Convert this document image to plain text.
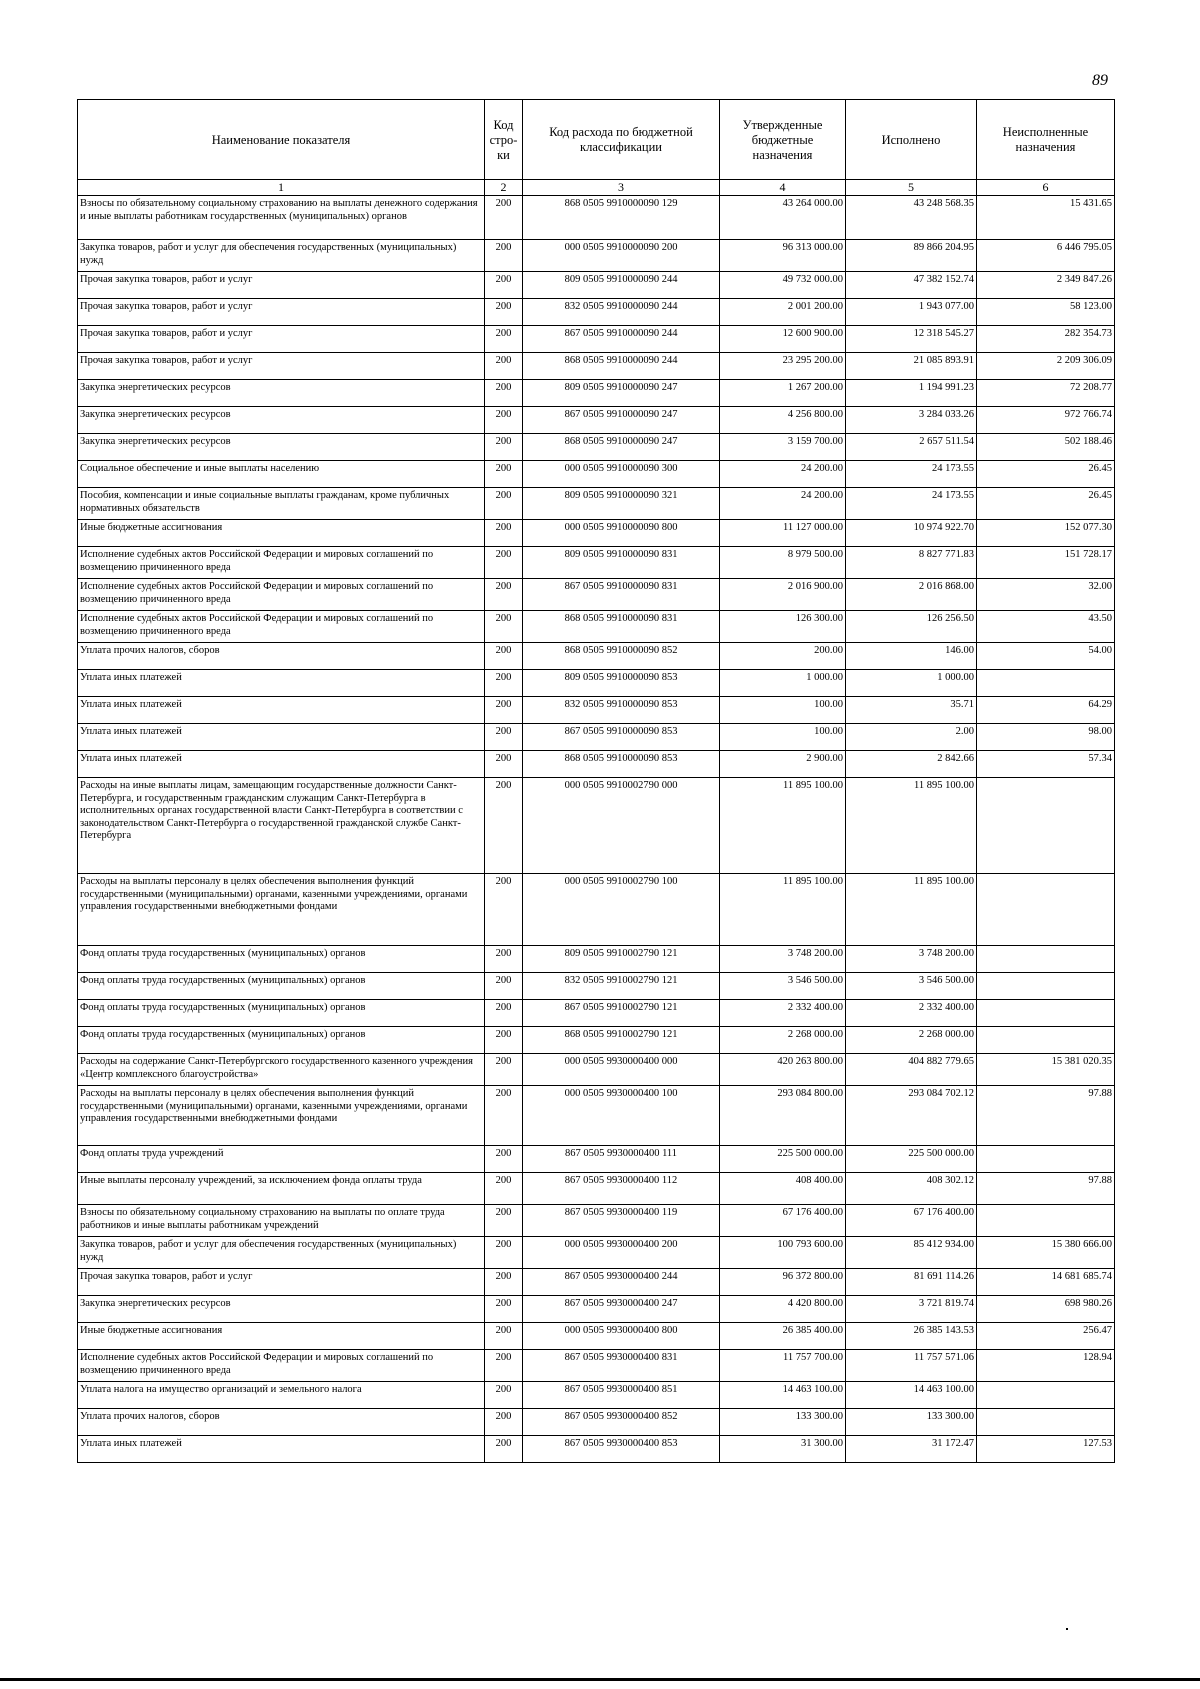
89
Наименование показателя	Код стро-ки	Код расхода по бюджетной классификации	Утвержденные бюджетные назначения	Исполнено	Неисполненные назначения
1	2	3	4	5	6
Взносы по обязательному социальному страхованию на выплаты денежного содержания и иные выплаты работникам государственных (муниципальных) органов	200	868 0505 9910000090 129	43 264 000.00	43 248 568.35	15 431.65
Закупка товаров, работ и услуг для обеспечения государственных (муниципальных) нужд	200	000 0505 9910000090 200	96 313 000.00	89 866 204.95	6 446 795.05
Прочая закупка товаров, работ и услуг	200	809 0505 9910000090 244	49 732 000.00	47 382 152.74	2 349 847.26
Прочая закупка товаров, работ и услуг	200	832 0505 9910000090 244	2 001 200.00	1 943 077.00	58 123.00
Прочая закупка товаров, работ и услуг	200	867 0505 9910000090 244	12 600 900.00	12 318 545.27	282 354.73
Прочая закупка товаров, работ и услуг	200	868 0505 9910000090 244	23 295 200.00	21 085 893.91	2 209 306.09
Закупка энергетических ресурсов	200	809 0505 9910000090 247	1 267 200.00	1 194 991.23	72 208.77
Закупка энергетических ресурсов	200	867 0505 9910000090 247	4 256 800.00	3 284 033.26	972 766.74
Закупка энергетических ресурсов	200	868 0505 9910000090 247	3 159 700.00	2 657 511.54	502 188.46
Социальное обеспечение и иные выплаты населению	200	000 0505 9910000090 300	24 200.00	24 173.55	26.45
Пособия, компенсации и иные социальные выплаты гражданам, кроме публичных нормативных обязательств	200	809 0505 9910000090 321	24 200.00	24 173.55	26.45
Иные бюджетные ассигнования	200	000 0505 9910000090 800	11 127 000.00	10 974 922.70	152 077.30
Исполнение судебных актов Российской Федерации и мировых соглашений по возмещению причиненного вреда	200	809 0505 9910000090 831	8 979 500.00	8 827 771.83	151 728.17
Исполнение судебных актов Российской Федерации и мировых соглашений по возмещению причиненного вреда	200	867 0505 9910000090 831	2 016 900.00	2 016 868.00	32.00
Исполнение судебных актов Российской Федерации и мировых соглашений по возмещению причиненного вреда	200	868 0505 9910000090 831	126 300.00	126 256.50	43.50
Уплата прочих налогов, сборов	200	868 0505 9910000090 852	200.00	146.00	54.00
Уплата иных платежей	200	809 0505 9910000090 853	1 000.00	1 000.00	
Уплата иных платежей	200	832 0505 9910000090 853	100.00	35.71	64.29
Уплата иных платежей	200	867 0505 9910000090 853	100.00	2.00	98.00
Уплата иных платежей	200	868 0505 9910000090 853	2 900.00	2 842.66	57.34
Расходы на иные выплаты лицам, замещающим государственные должности Санкт-Петербурга, и государственным гражданским служащим Санкт-Петербурга в исполнительных органах государственной власти Санкт-Петербурга в соответствии с законодательством Санкт-Петербурга о государственной гражданской службе Санкт-Петербурга	200	000 0505 9910002790 000	11 895 100.00	11 895 100.00	
Расходы на выплаты персоналу в целях обеспечения выполнения функций государственными (муниципальными) органами, казенными учреждениями, органами управления государственными внебюджетными фондами	200	000 0505 9910002790 100	11 895 100.00	11 895 100.00	
Фонд оплаты труда государственных (муниципальных) органов	200	809 0505 9910002790 121	3 748 200.00	3 748 200.00	
Фонд оплаты труда государственных (муниципальных) органов	200	832 0505 9910002790 121	3 546 500.00	3 546 500.00	
Фонд оплаты труда государственных (муниципальных) органов	200	867 0505 9910002790 121	2 332 400.00	2 332 400.00	
Фонд оплаты труда государственных (муниципальных) органов	200	868 0505 9910002790 121	2 268 000.00	2 268 000.00	
Расходы на содержание Санкт-Петербургского государственного казенного учреждения «Центр комплексного благоустройства»	200	000 0505 9930000400 000	420 263 800.00	404 882 779.65	15 381 020.35
Расходы на выплаты персоналу в целях обеспечения выполнения функций государственными (муниципальными) органами, казенными учреждениями, органами управления государственными внебюджетными фондами	200	000 0505 9930000400 100	293 084 800.00	293 084 702.12	97.88
Фонд оплаты труда учреждений	200	867 0505 9930000400 111	225 500 000.00	225 500 000.00	
Иные выплаты персоналу учреждений, за исключением фонда оплаты труда	200	867 0505 9930000400 112	408 400.00	408 302.12	97.88
Взносы по обязательному социальному страхованию на выплаты по оплате труда работников и иные выплаты работникам учреждений	200	867 0505 9930000400 119	67 176 400.00	67 176 400.00	
Закупка товаров, работ и услуг для обеспечения государственных (муниципальных) нужд	200	000 0505 9930000400 200	100 793 600.00	85 412 934.00	15 380 666.00
Прочая закупка товаров, работ и услуг	200	867 0505 9930000400 244	96 372 800.00	81 691 114.26	14 681 685.74
Закупка энергетических ресурсов	200	867 0505 9930000400 247	4 420 800.00	3 721 819.74	698 980.26
Иные бюджетные ассигнования	200	000 0505 9930000400 800	26 385 400.00	26 385 143.53	256.47
Исполнение судебных актов Российской Федерации и мировых соглашений по возмещению причиненного вреда	200	867 0505 9930000400 831	11 757 700.00	11 757 571.06	128.94
Уплата налога на имущество организаций и земельного налога	200	867 0505 9930000400 851	14 463 100.00	14 463 100.00	
Уплата прочих налогов, сборов	200	867 0505 9930000400 852	133 300.00	133 300.00	
Уплата иных платежей	200	867 0505 9930000400 853	31 300.00	31 172.47	127.53
